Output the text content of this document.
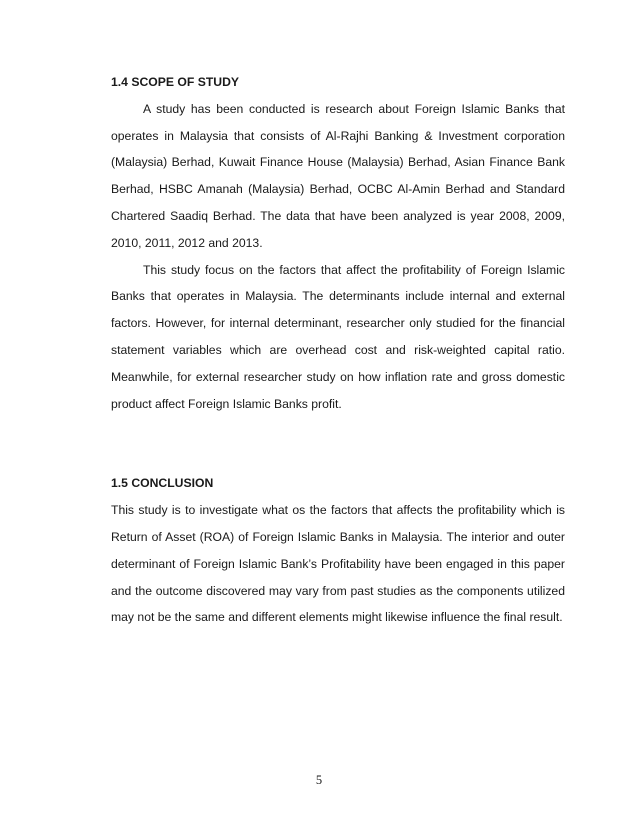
1.4 SCOPE OF STUDY

A study has been conducted is research about Foreign Islamic Banks that operates in Malaysia that consists of Al-Rajhi Banking & Investment corporation (Malaysia) Berhad, Kuwait Finance House (Malaysia) Berhad, Asian Finance Bank Berhad, HSBC Amanah (Malaysia) Berhad, OCBC Al-Amin Berhad and Standard Chartered Saadiq Berhad. The data that have been analyzed is year 2008, 2009, 2010, 2011, 2012 and 2013.

This study focus on the factors that affect the profitability of Foreign Islamic Banks that operates in Malaysia. The determinants include internal and external factors. However, for internal determinant, researcher only studied for the financial statement variables which are overhead cost and risk-weighted capital ratio. Meanwhile, for external researcher study on how inflation rate and gross domestic product affect Foreign Islamic Banks profit.

1.5 CONCLUSION

This study is to investigate what os the factors that affects the profitability which is Return of Asset (ROA) of Foreign Islamic Banks in Malaysia. The interior and outer determinant of Foreign Islamic Bank’s Profitability have been engaged in this paper and the outcome discovered may vary from past studies as the components utilized may not be the same and different elements might likewise influence the final result.

5
